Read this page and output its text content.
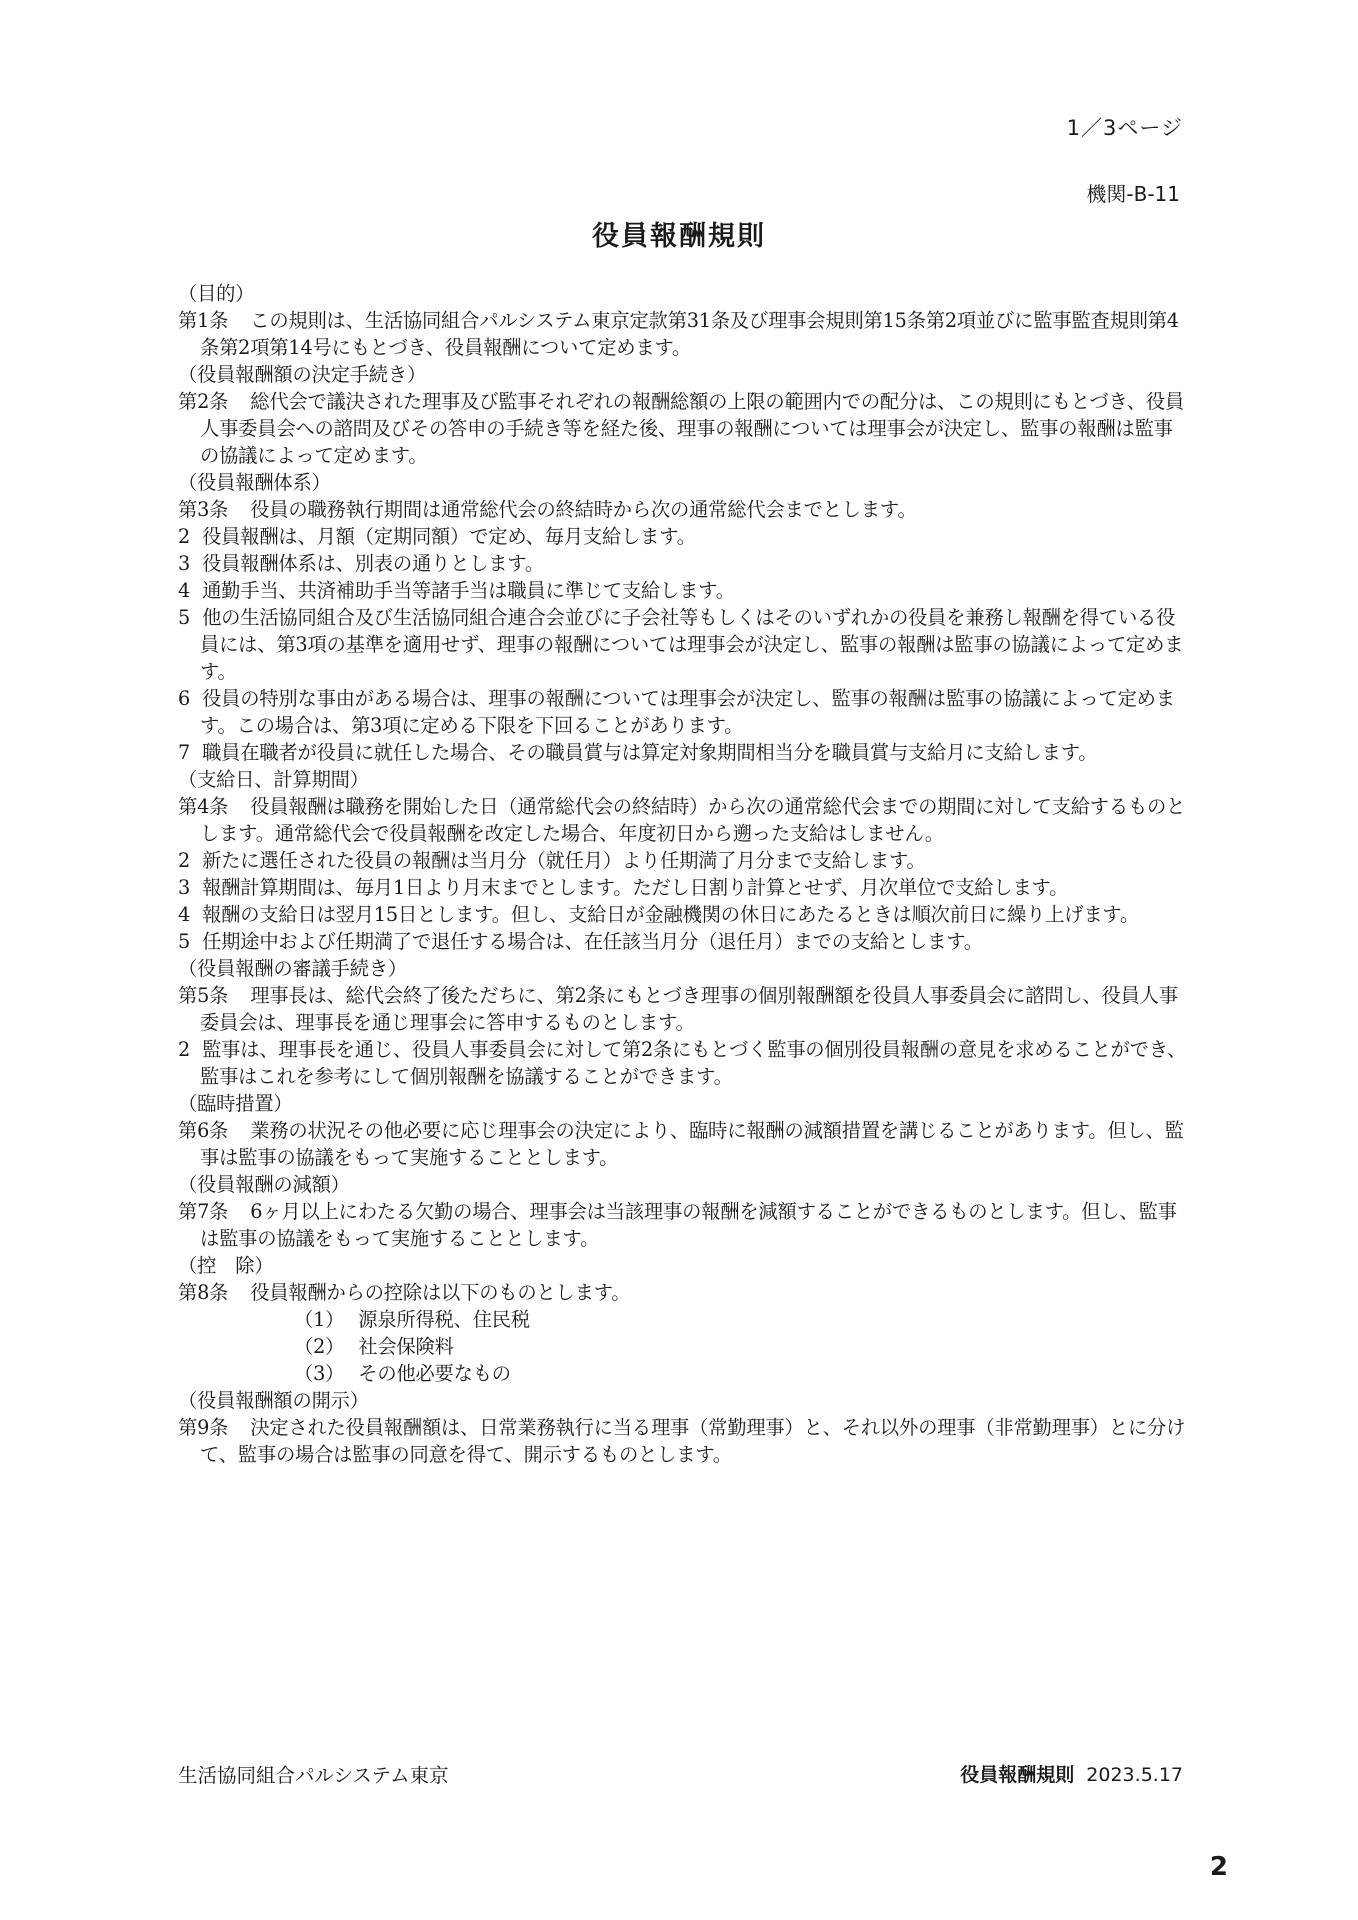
1／3ページ
機関-B-11
役員報酬規則

（目的）

第1条 この規則は、生活協同組合パルシステム東京定款第31条及び理事会規則第15条第2項並びに監事監査規則第4条第2項第14号にもとづき、役員報酬について定めます。

（役員報酬額の決定手続き）

第2条 総代会で議決された理事及び監事それぞれの報酬総額の上限の範囲内での配分は、この規則にもとづき、役員人事委員会への諮問及びその答申の手続き等を経た後、理事の報酬については理事会が決定し、監事の報酬は監事の協議によって定めます。

（役員報酬体系）

第3条 役員の職務執行期間は通常総代会の終結時から次の通常総代会までとします。

2 役員報酬は、月額（定期同額）で定め、毎月支給します。

3 役員報酬体系は、別表の通りとします。

4 通勤手当、共済補助手当等諸手当は職員に準じて支給します。

5 他の生活協同組合及び生活協同組合連合会並びに子会社等もしくはそのいずれかの役員を兼務し報酬を得ている役員には、第3項の基準を適用せず、理事の報酬については理事会が決定し、監事の報酬は監事の協議によって定めます。

6 役員の特別な事由がある場合は、理事の報酬については理事会が決定し、監事の報酬は監事の協議によって定めます。この場合は、第3項に定める下限を下回ることがあります。

7 職員在職者が役員に就任した場合、その職員賞与は算定対象期間相当分を職員賞与支給月に支給します。

（支給日、計算期間）

第4条 役員報酬は職務を開始した日（通常総代会の終結時）から次の通常総代会までの期間に対して支給するものとします。通常総代会で役員報酬を改定した場合、年度初日から遡った支給はしません。

2 新たに選任された役員の報酬は当月分（就任月）より任期満了月分まで支給します。

3 報酬計算期間は、毎月1日より月末までとします。ただし日割り計算とせず、月次単位で支給します。

4 報酬の支給日は翌月15日とします。但し、支給日が金融機関の休日にあたるときは順次前日に繰り上げます。

5 任期途中および任期満了で退任する場合は、在任該当月分（退任月）までの支給とします。

（役員報酬の審議手続き）

第5条 理事長は、総代会終了後ただちに、第2条にもとづき理事の個別報酬額を役員人事委員会に諮問し、役員人事委員会は、理事長を通じ理事会に答申するものとします。

2 監事は、理事長を通じ、役員人事委員会に対して第2条にもとづく監事の個別役員報酬の意見を求めることができ、監事はこれを参考にして個別報酬を協議することができます。

（臨時措置）

第6条 業務の状況その他必要に応じ理事会の決定により、臨時に報酬の減額措置を講じることがあります。但し、監事は監事の協議をもって実施することとします。

（役員報酬の減額）

第7条 6ヶ月以上にわたる欠勤の場合、理事会は当該理事の報酬を減額することができるものとします。但し、監事は監事の協議をもって実施することとします。

（控　除）

第8条 役員報酬からの控除は以下のものとします。

（1） 源泉所得税、住民税

（2） 社会保険料

（3） その他必要なもの

（役員報酬額の開示）

第9条 決定された役員報酬額は、日常業務執行に当る理事（常勤理事）と、それ以外の理事（非常勤理事）とに分けて、監事の場合は監事の同意を得て、開示するものとします。

生活協同組合パルシステム東京	役員報酬規則 2023.5.17
2
